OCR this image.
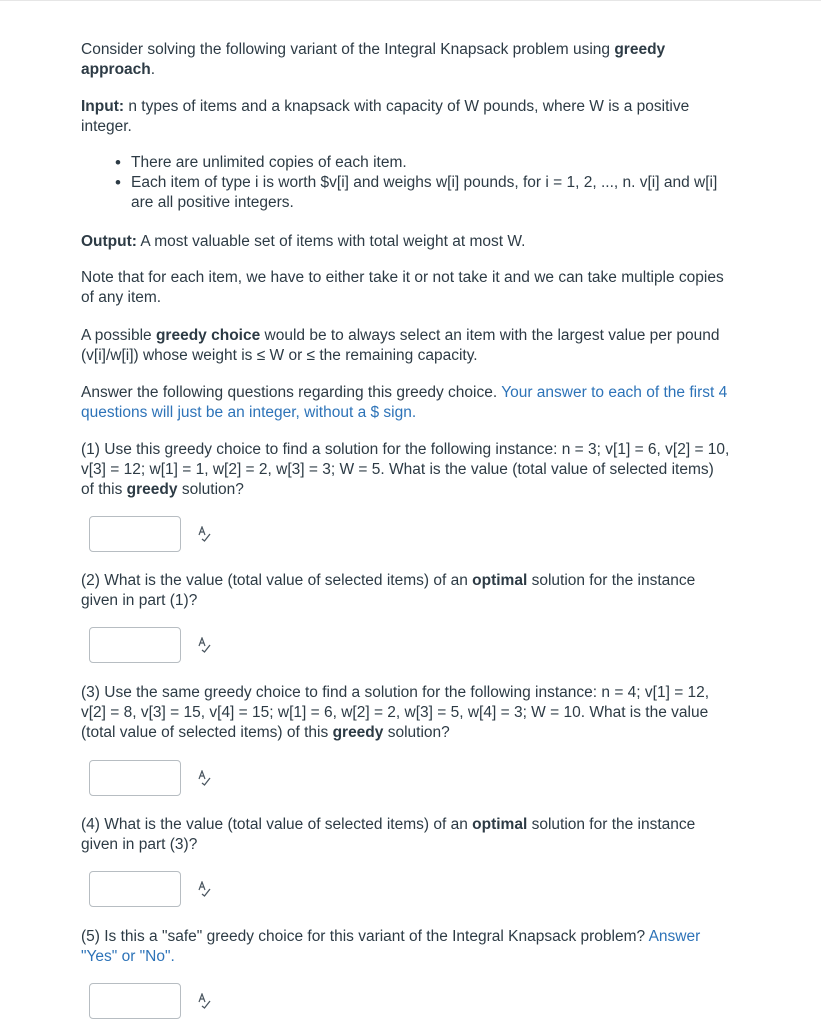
Consider solving the following variant of the Integral Knapsack problem using greedy approach.

Input: n types of items and a knapsack with capacity of W pounds, where W is a positive integer.

• There are unlimited copies of each item.
• Each item of type i is worth $v[i] and weighs w[i] pounds, for i = 1, 2, ..., n. v[i] and w[i] are all positive integers.

Output: A most valuable set of items with total weight at most W.

Note that for each item, we have to either take it or not take it and we can take multiple copies of any item.

A possible greedy choice would be to always select an item with the largest value per pound (v[i]/w[i]) whose weight is ≤ W or ≤ the remaining capacity.

Answer the following questions regarding this greedy choice. Your answer to each of the first 4 questions will just be an integer, without a $ sign.

(1) Use this greedy choice to find a solution for the following instance: n = 3; v[1] = 6, v[2] = 10, v[3] = 12; w[1] = 1, w[2] = 2, w[3] = 3; W = 5. What is the value (total value of selected items) of this greedy solution?

(2) What is the value (total value of selected items) of an optimal solution for the instance given in part (1)?

(3) Use the same greedy choice to find a solution for the following instance: n = 4; v[1] = 12, v[2] = 8, v[3] = 15, v[4] = 15; w[1] = 6, w[2] = 2, w[3] = 5, w[4] = 3; W = 10. What is the value (total value of selected items) of this greedy solution?

(4) What is the value (total value of selected items) of an optimal solution for the instance given in part (3)?

(5) Is this a "safe" greedy choice for this variant of the Integral Knapsack problem? Answer "Yes" or "No".
